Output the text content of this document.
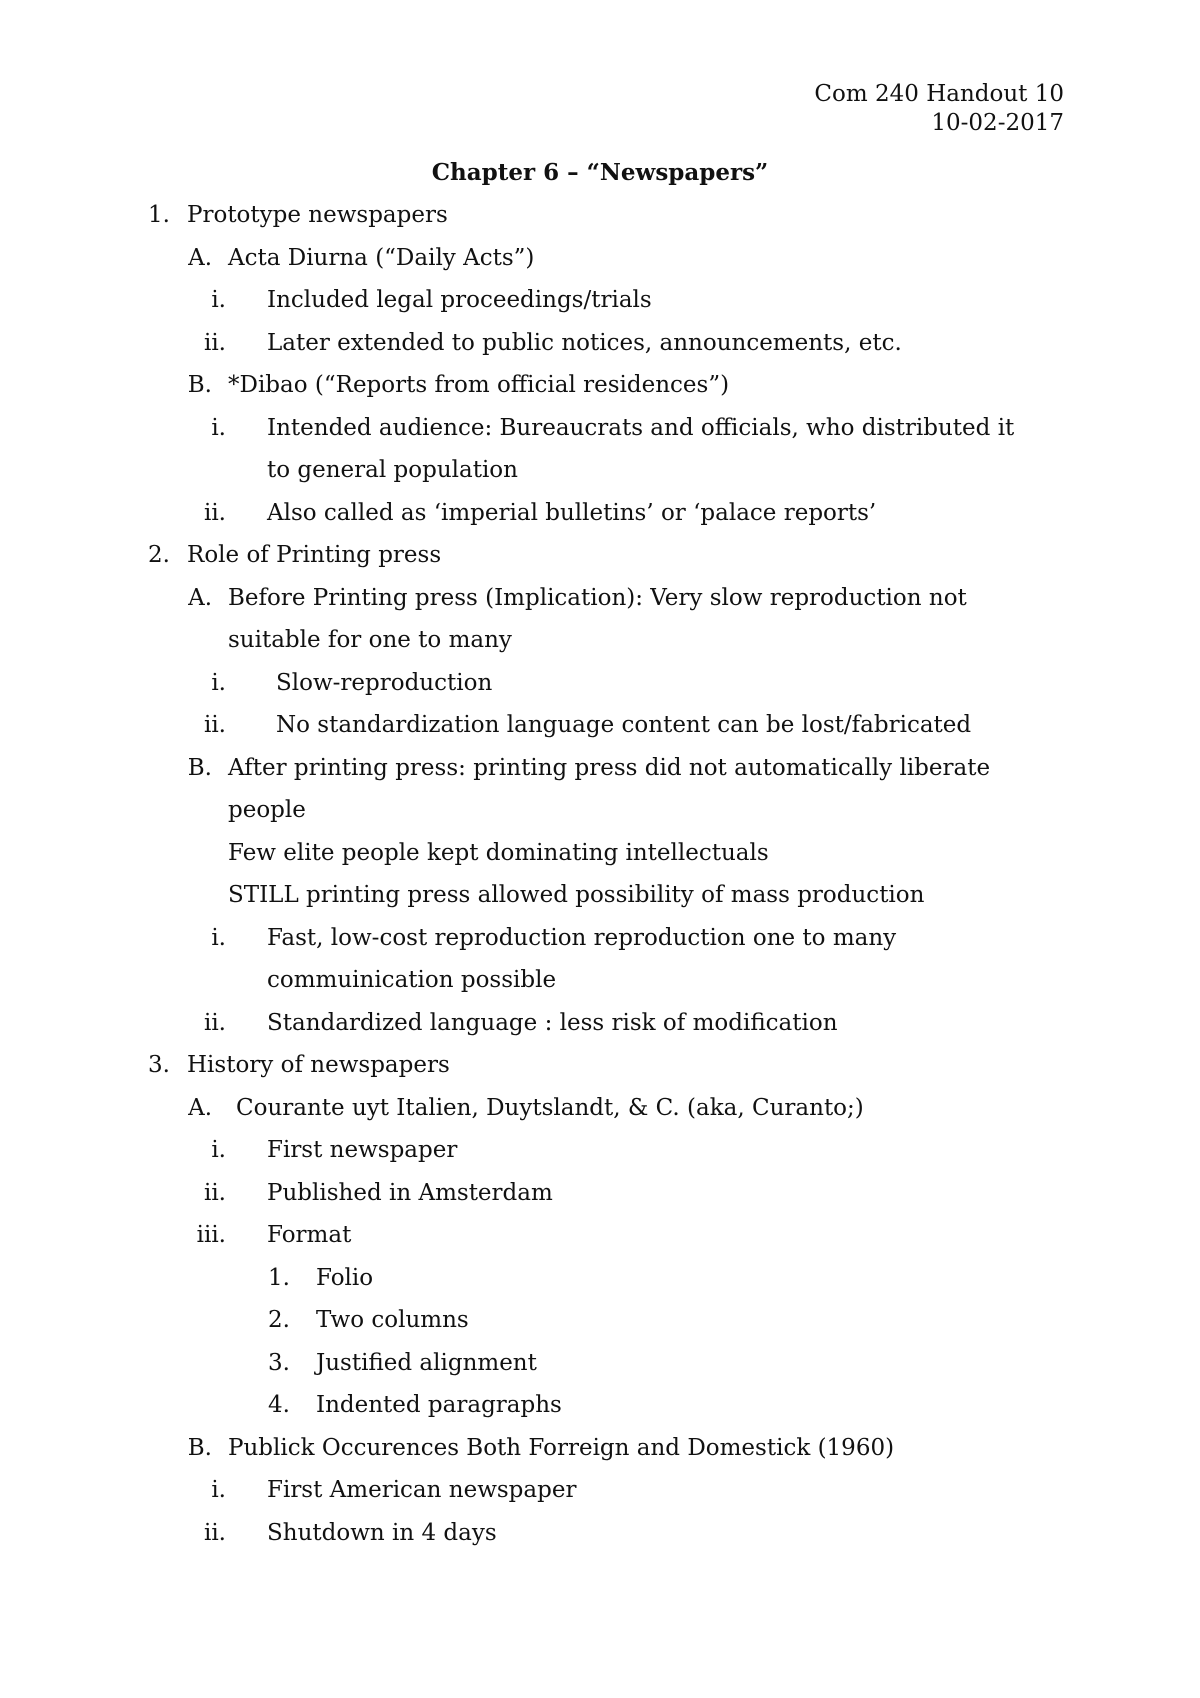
Com 240 Handout 10
10-02-2017
Chapter 6 – “Newspapers”
1. Prototype newspapers
A. Acta Diurna (“Daily Acts”)
i. Included legal proceedings/trials
ii. Later extended to public notices, announcements, etc.
B. *Dibao (“Reports from official residences”)
i. Intended audience: Bureaucrats and officials, who distributed it
to general population
ii. Also called as ‘imperial bulletins’ or ‘palace reports’
2. Role of Printing press
A. Before Printing press (Implication): Very slow reproduction not
suitable for one to many
i. Slow-reproduction
ii. No standardization language content can be lost/fabricated
B. After printing press: printing press did not automatically liberate
people
Few elite people kept dominating intellectuals
STILL printing press allowed possibility of mass production
i. Fast, low-cost reproduction reproduction one to many
commuinication possible
ii. Standardized language : less risk of modification
3. History of newspapers
A. Courante uyt Italien, Duytslandt, & C. (aka, Curanto;)
i. First newspaper
ii. Published in Amsterdam
iii. Format
1. Folio
2. Two columns
3. Justified alignment
4. Indented paragraphs
B. Publick Occurences Both Forreign and Domestick (1960)
i. First American newspaper
ii. Shutdown in 4 days
